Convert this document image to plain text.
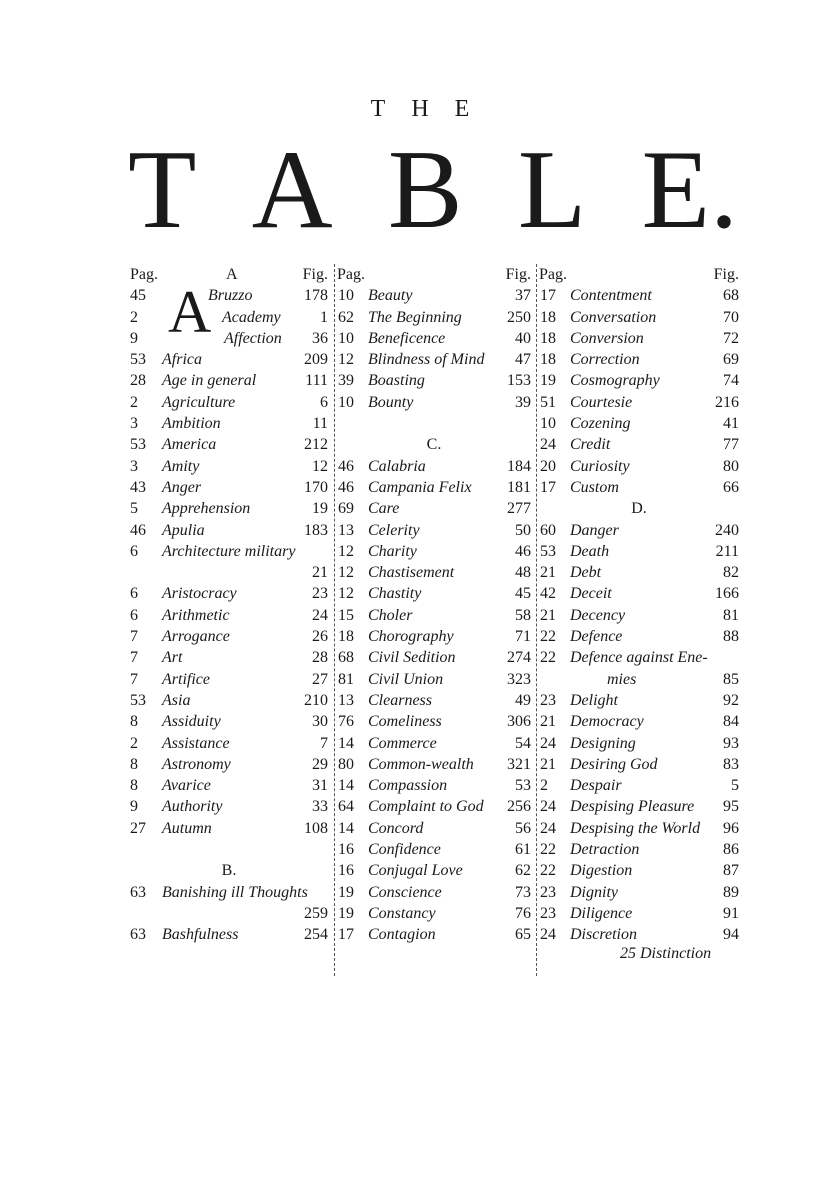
THE
T A B L E.
Pag.	A	Fig.
A
45	Bruzzo	178
2	Academy 1
9	Affection 36
53 Africa	209
28 Age in general	111
2 Agriculture	6
3 Ambition	11
53 America	212
3 Amity	12
43 Anger	170
5 Apprehension	19
46 Apulia	183
6 Architecture military
21
6 Aristocracy	23
6 Arithmetic	24
7 Arrogance	26
7 Art	28
7 Artifice	27
53 Asia	210
8 Assiduity	30
2 Assistance	7
8 Astronomy	29
8 Avarice	31
9 Authority	33
27 Autumn	108
B.
63 Banishing ill Thoughts
259
63 Bashfulness	254
Pag.	Fig.
10 Beauty	37
62 The Beginning	250
10 Beneficence	40
12 Blindness of Mind 47
39 Boasting	153
10 Bounty	39
C.
46 Calabria	184
46 Campania Felix 181
69 Care	277
13 Celerity	50
12 Charity	46
12 Chastisement	48
12 Chastity	45
15 Choler	58
18 Chorography	71
68 Civil Sedition	274
81 Civil Union	323
13 Clearness	49
76 Comeliness	306
14 Commerce	54
80 Common-wealth 321
14 Compassion	53
64 Complaint to God 256
14 Concord	56
16 Confidence	61
16 Conjugal Love	62
19 Conscience	73
19 Constancy	76
17 Contagion	65
Pag.	Fig.
17 Contentment	68
18 Conversation	70
18 Conversion	72
18 Correction	69
19 Cosmography	74
51 Courtesie	216
10 Cozening	41
24 Credit	77
20 Curiosity	80
17 Custom	66
D.
60 Danger	240
53 Death	211
21 Debt	82
42 Deceit	166
21 Decency	81
22 Defence	88
22 Defence against Ene-
mies	85
23 Delight	92
21 Democracy	84
24 Designing	93
21 Desiring God	83
2 Despair	5
24 Despising Pleasure 95
24 Despising the World 96
22 Detraction	86
22 Digestion	87
23 Dignity	89
23 Diligence	91
24 Discretion	94
25 Distinction
